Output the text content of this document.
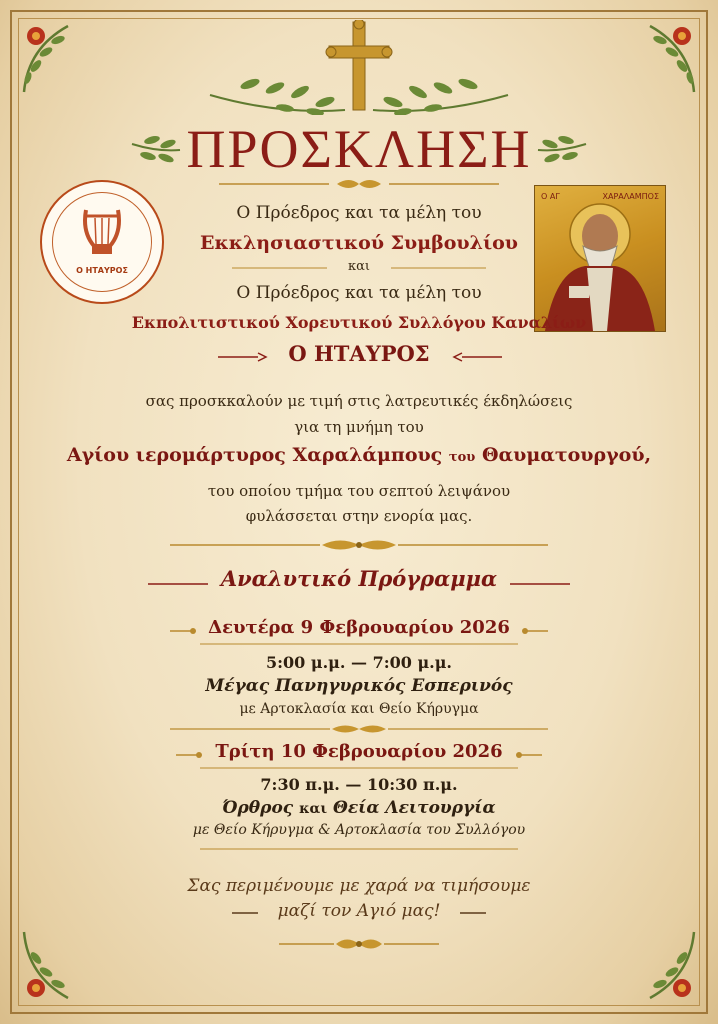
ΠΡΟΣΚΛΗΣΗ
Ο ΗΤΑΥΡΟΣ
Ο ΑΓ	ΧΑΡΑΛΑΜΠΟΣ
Ο Πρόεδρος και τα μέλη του
Εκκλησιαστικού Συμβουλίου
και
Ο Πρόεδρος και τα μέλη του
Εκπολιτιστικού Χορευτικού Συλλόγου Καναλίων
Ο ΗΤΑΥΡΟΣ
σας προσκκαλούν με τιμή στις λατρευτικές έκδηλώσεις
για τη μνήμη του
Αγίου ιερομάρτυρος Χαραλάμπους του Θαυματουργού,
του οποίου τμήμα του σεπτού λειψάνου
φυλάσσεται στην ενορία μας.
Αναλυτικό Πρόγραμμα
Δευτέρα 9 Φεβρουαρίου 2026
5:00 μ.μ. — 7:00 μ.μ.
Μέγας Πανηγυρικός Εσπερινός
με Αρτοκλασία και Θείο Κήρυγμα
Τρίτη 10 Φεβρουαρίου 2026
7:30 π.μ. — 10:30 π.μ.
Όρθρος και Θεία Λειτουργία
με Θείο Κήρυγμα & Αρτοκλασία του Συλλόγου
Σας περιμένουμε με χαρά να τιμήσουμε
μαζί τον Αγιό μας!
